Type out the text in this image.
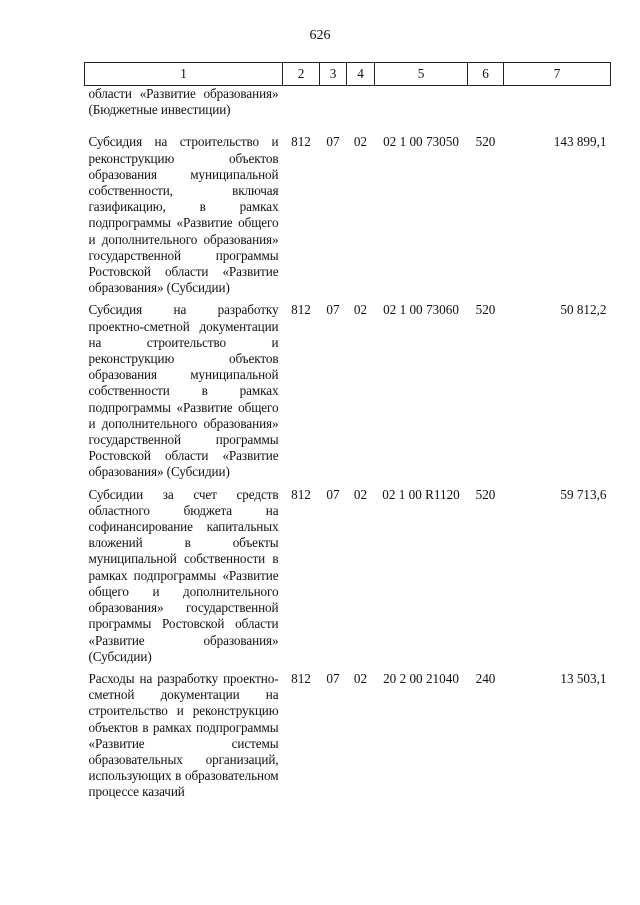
626
1	2	3	4	5	6	7
области «Развитие образования» (Бюджетные инвестиции)						
Субсидия на строительство и реконструкцию объектов образования муниципальной собственности, включая газификацию, в рамках подпрограммы «Развитие общего и дополнительного образования» государственной программы Ростовской области «Развитие образования» (Субсидии)	812	07	02	02 1 00 73050	520	143 899,1
Субсидия на разработку проектно-сметной документации на строительство и реконструкцию объектов образования муниципальной собственности в рамках подпрограммы «Развитие общего и дополнительного образования» государственной программы Ростовской области «Развитие образования» (Субсидии)	812	07	02	02 1 00 73060	520	50 812,2
Субсидии за счет средств областного бюджета на софинансирование капитальных вложений в объекты муниципальной собственности в рамках подпрограммы «Развитие общего и дополнительного образования» государственной программы Ростовской области «Развитие образования» (Субсидии)	812	07	02	02 1 00 R1120	520	59 713,6
Расходы на разработку проектно-сметной документации на строительство и реконструкцию объектов в рамках подпрограммы «Развитие системы образовательных организаций, использующих в образовательном процессе казачий	812	07	02	20 2 00 21040	240	13 503,1
